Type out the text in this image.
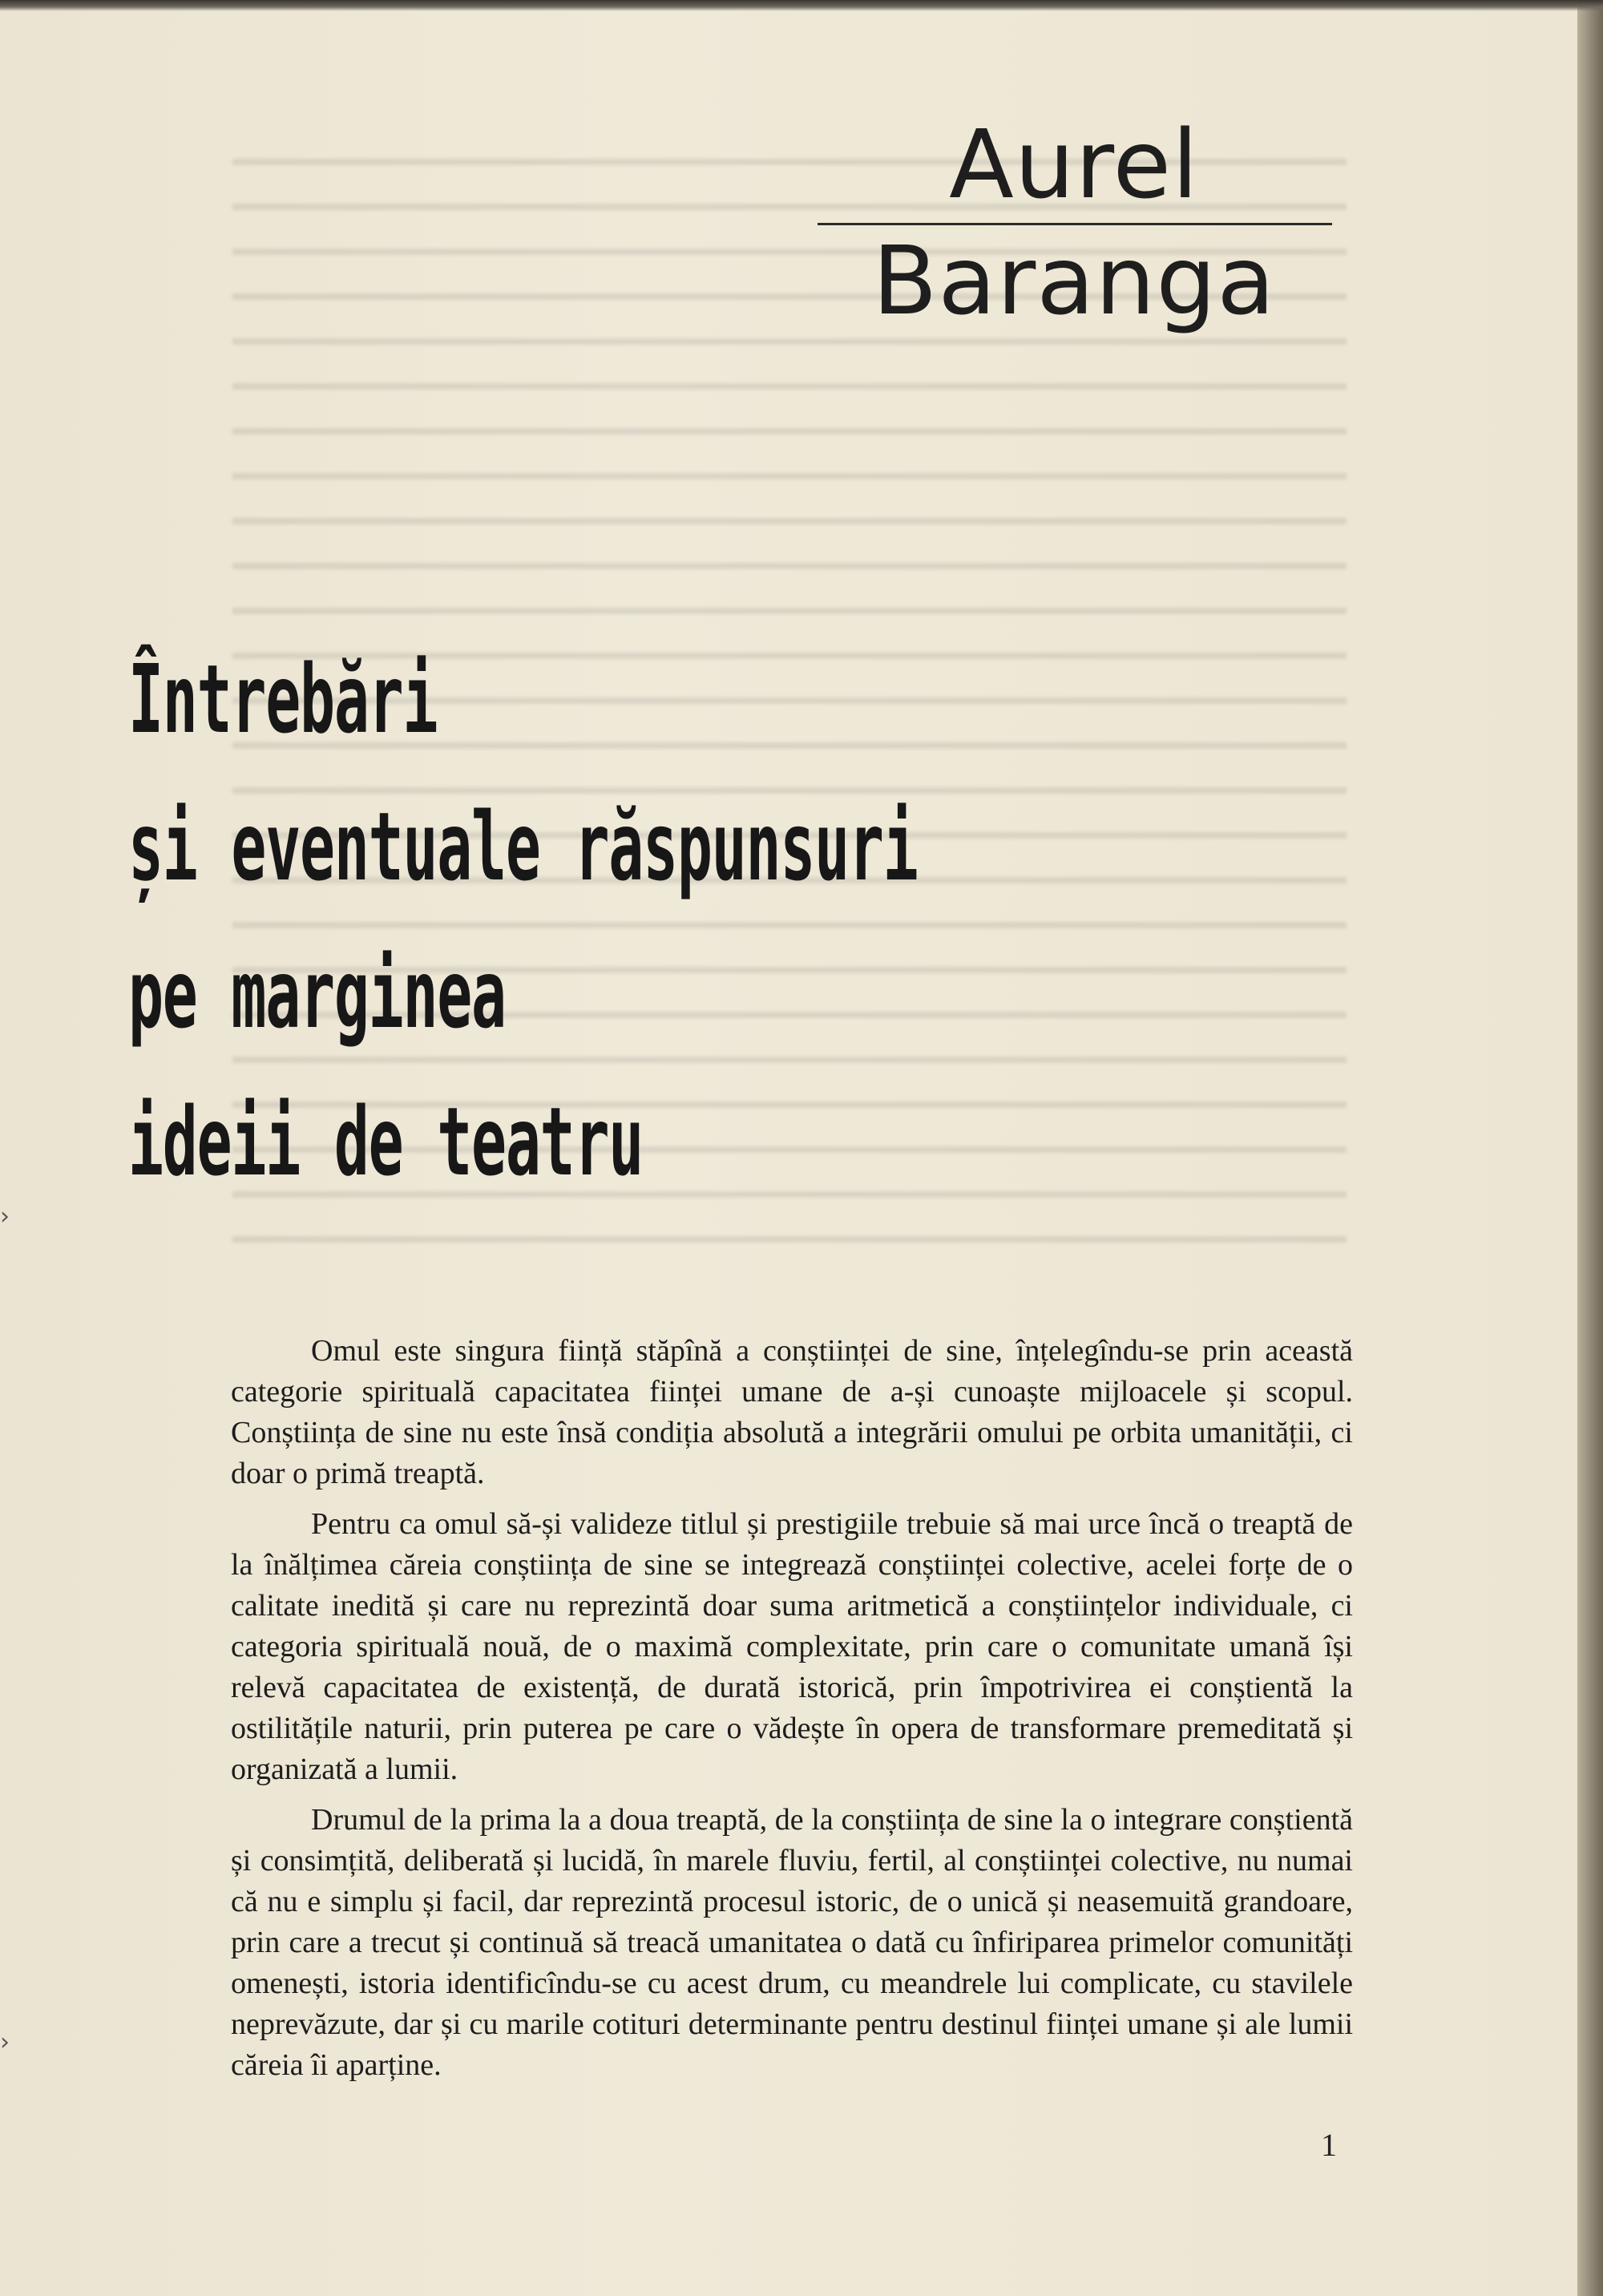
Aurel
Baranga
Întrebări
și eventuale răspunsuri
pe marginea
ideii de teatru

Omul este singura ființă stăpînă a conștiinței de sine, înțelegîndu-se prin această categorie spirituală capacitatea ființei umane de a-și cunoaște mijloacele și scopul. Conștiința de sine nu este însă condiția absolută a integrării omului pe orbita umanității, ci doar o primă treaptă.

Pentru ca omul să-și valideze titlul și prestigiile trebuie să mai urce încă o treaptă de la înălțimea căreia conștiința de sine se integrează conștiinței colective, acelei forțe de o calitate inedită și care nu reprezintă doar suma aritmetică a conștiințelor individuale, ci categoria spirituală nouă, de o maximă complexitate, prin care o comunitate umană își relevă capacitatea de existență, de durată istorică, prin împotrivirea ei conștientă la ostilitățile naturii, prin puterea pe care o vădește în opera de transformare premeditată și organizată a lumii.

Drumul de la prima la a doua treaptă, de la conștiința de sine la o integrare conștientă și consimțită, deliberată și lucidă, în marele fluviu, fertil, al conștiinței colective, nu numai că nu e simplu și facil, dar reprezintă procesul istoric, de o unică și neasemuită grandoare, prin care a trecut și continuă să treacă umanitatea o dată cu înfiriparea primelor comunități omenești, istoria identificîndu-se cu acest drum, cu meandrele lui complicate, cu stavilele neprevăzute, dar și cu marile cotituri determinante pentru destinul ființei umane și ale lumii căreia îi aparține.

1
›
›
